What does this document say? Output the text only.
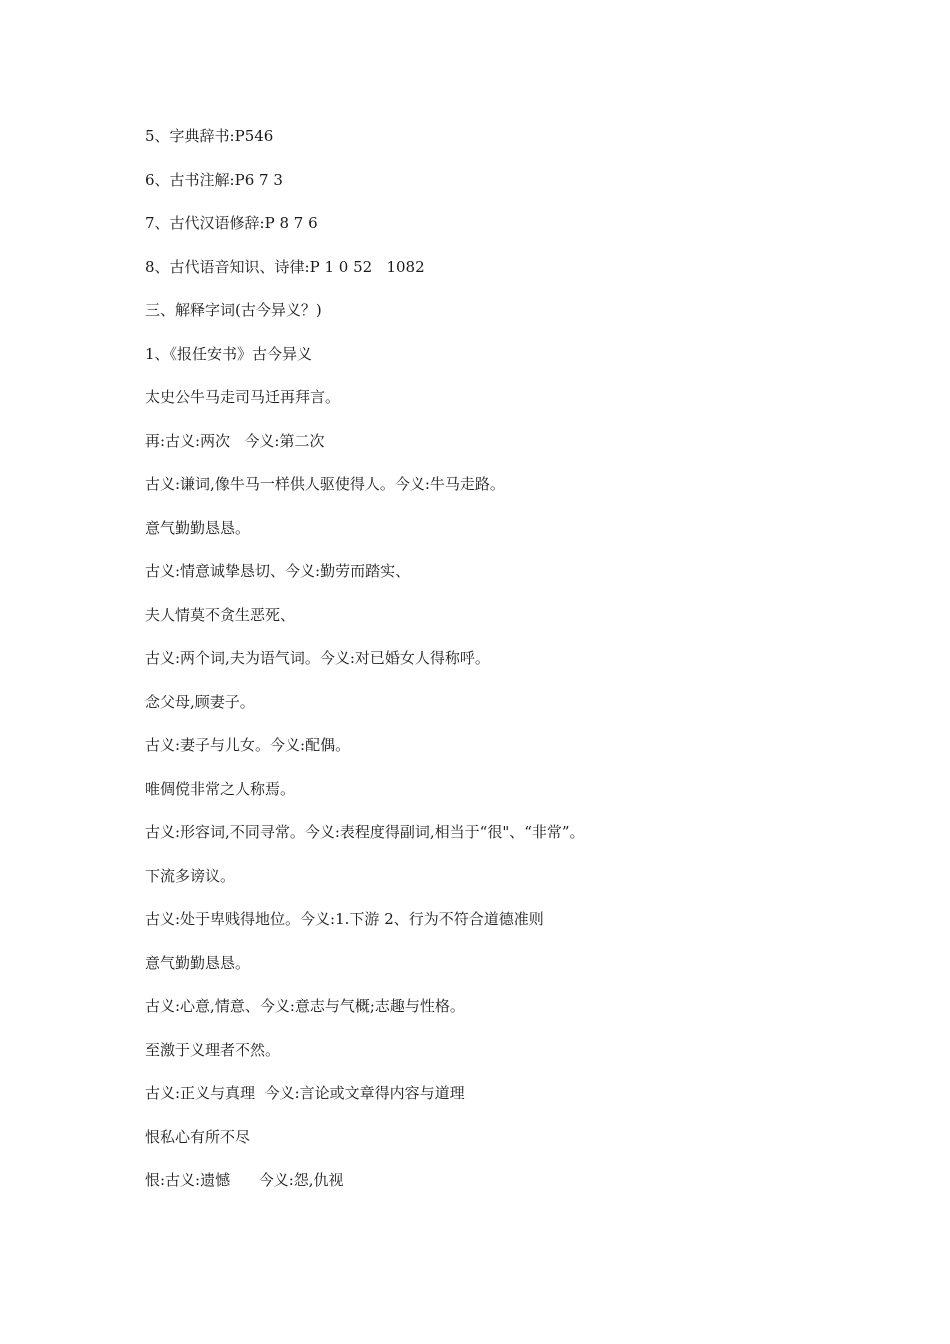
5、字典辞书:P546
6、古书注解:P6 7 3
7、古代汉语修辞:P 8 7 6
8、古代语音知识、诗律:P 1 0 52   1082
三、解释字词(古今异义？)
1、《报任安书》古今异义
太史公牛马走司马迁再拜言。
再:古义:两次   今义:第二次
古义:谦词,像牛马一样供人驱使得人。今义:牛马走路。
意气勤勤恳恳。
古义:情意诚挚恳切、今义:勤劳而踏实、
夫人情莫不贪生恶死、
古义:两个词,夫为语气词。今义:对已婚女人得称呼。
念父母,顾妻子。
古义:妻子与儿女。今义:配偶。
唯倜傥非常之人称焉。
古义:形容词,不同寻常。今义:表程度得副词,相当于“很"、“非常”。
下流多谤议。
古义:处于卑贱得地位。今义:1.下游 2、行为不符合道德准则
意气勤勤恳恳。
古义:心意,情意、今义:意志与气概;志趣与性格。
至激于义理者不然。
古义:正义与真理  今义:言论或文章得内容与道理
恨私心有所不尽
恨:古义:遗憾      今义:怨,仇视
